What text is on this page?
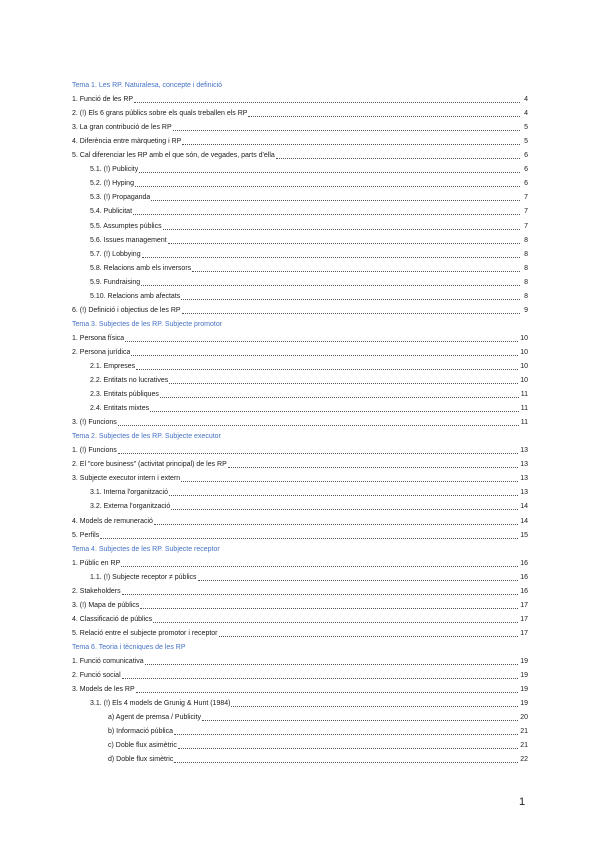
Tema 1. Les RP. Naturalesa, concepte i definició
1. Funció de les RP	4
2. (!) Els 6 grans públics sobre els quals treballen els RP	4
3. La gran contribució de les RP	5
4. Diferència entre màrqueting i RP	5
5. Cal diferenciar les RP amb el que són, de vegades, parts d'ella	6
5.1. (!) Publicity	6
5.2. (!) Hyping	6
5.3. (!) Propaganda	7
5.4. Publicitat	7
5.5. Assumptes públics	7
5.6. Issues management	8
5.7. (!) Lobbying	8
5.8. Relacions amb els inversors	8
5.9. Fundraising	8
5.10. Relacions amb afectats	8
6. (!) Definició i objectius de les RP	9
Tema 3. Subjectes de les RP. Subjecte promotor
1. Persona física	10
2. Persona jurídica	10
2.1. Empreses	10
2.2. Entitats no lucratives	10
2.3. Entitats públiques	11
2.4. Entitats mixtes	11
3. (!) Funcions	11
Tema 2. Subjectes de les RP. Subjecte executor
1. (!) Funcions	13
2. El "core business" (activitat principal) de les RP	13
3. Subjecte executor intern i extern	13
3.1. Interna l'organització	13
3.2. Externa l'organització	14
4. Models de remuneració	14
5. Perfils	15
Tema 4. Subjectes de les RP. Subjecte receptor
1. Públic en RP	16
1.1. (!) Subjecte receptor ≠ públics	16
2. Stakeholders	16
3. (!) Mapa de públics	17
4. Classificació de públics	17
5. Relació entre el subjecte promotor i receptor	17
Tema 6. Teoria i tècniques de les RP
1. Funció comunicativa	19
2. Funció social	19
3. Models de les RP	19
3.1. (!) Els 4 models de Grunig & Hunt (1984)	19
a) Agent de premsa / Publicity	20
b) Informació pública	21
c) Doble flux asimètric	21
d) Doble flux simètric	22
1
